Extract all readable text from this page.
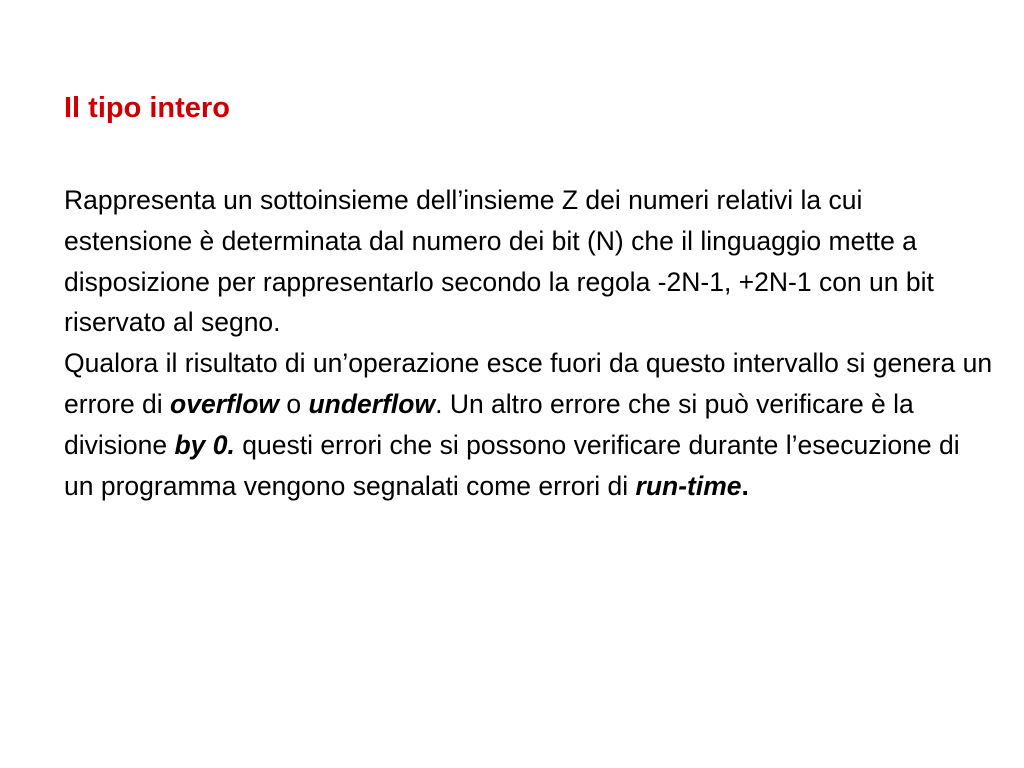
Il tipo intero

Rappresenta un sottoinsieme dell’insieme Z dei numeri relativi la cui estensione è determinata dal numero dei bit (N) che il linguaggio mette a disposizione per rappresentarlo secondo la regola -2N-1, +2N-1 con un bit riservato al segno.

Qualora il risultato di un’operazione esce fuori da questo intervallo si genera un errore di overflow o underflow. Un altro errore che si può verificare è la divisione by 0. questi errori che si possono verificare durante l’esecuzione di un programma vengono segnalati come errori di run-time.
